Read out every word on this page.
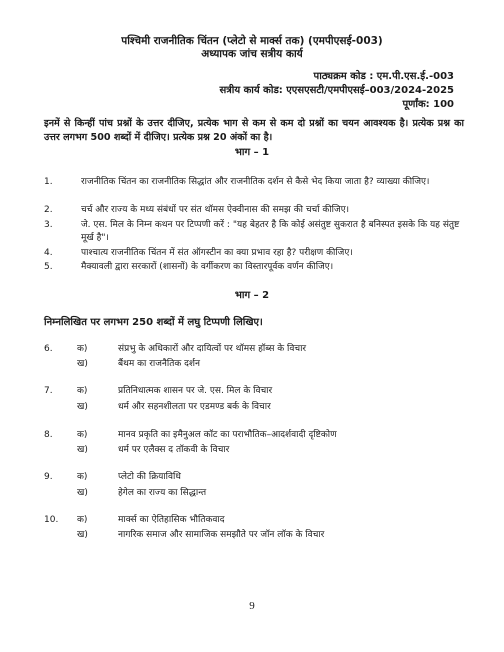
पश्चिमी राजनीतिक चिंतन (प्लेटो से मार्क्स तक) (एमपीएसई-003)
अध्यापक जांच सत्रीय कार्य
पाठ्यक्रम कोड : एम.पी.एस.ई.-003
सत्रीय कार्य कोड: एएसएसटी/एमपीएसई–003/2024-2025
पूर्णांक: 100
इनमें से किन्हीं पांच प्रश्नों के उत्तर दीजिए, प्रत्येक भाग से कम से कम दो प्रश्नों का चयन आवश्यक है। प्रत्येक प्रश्न का उत्तर लगभग 500 शब्दों में दीजिए। प्रत्येक प्रश्न 20 अंकों का है।
भाग – 1
1.	राजनीतिक चिंतन का राजनीतिक सिद्धांत और राजनीतिक दर्शन से कैसे भेद किया जाता है? व्याख्या कीजिए।
2.	चर्च और राज्य के मध्य संबंधों पर संत थॉमस ऐक्वीनास की समझ की चर्चा कीजिए।
3.	जे. एस. मिल के निम्न कथन पर टिप्पणी करें : "यह बेहतर है कि कोई असंतुष्ट सुकरात है बनिस्पत इसके कि यह संतुष्ट मूर्ख है"।
4.	पाश्चात्य राजनीतिक चिंतन में संत ऑगस्टीन का क्या प्रभाव रहा है? परीक्षण कीजिए।
5.	मैक्यावली द्वारा सरकारों (शासनों) के वर्गीकरण का विस्तारपूर्वक वर्णन कीजिए।
भाग – 2
निम्नलिखित पर लगभग 250 शब्दों में लघु टिप्पणी लिखिए।
6.	क)	संप्रभु के अधिकारों और दायित्वों पर थॉमस हॉब्स के विचार
ख)	बैंथम का राजनैतिक दर्शन
7.	क)	प्रतिनिधात्मक शासन पर जे. एस. मिल के विचार
ख)	धर्म और सहनशीलता पर एडमण्ड बर्क के विचार
8.	क)	मानव प्रकृति का इमैनुअल कॉट का पराभौतिक–आदर्शवादी दृष्टिकोण
ख)	धर्म पर एलैक्स द तॉकवी के विचार
9.	क)	प्लेटो की क्रियाविधि
ख)	हेगेल का राज्य का सिद्धान्त
10. क)	मार्क्स का ऐतिहासिक भौतिकवाद
ख)	नागरिक समाज और सामाजिक समझौते पर जॉन लॉक के विचार
9
